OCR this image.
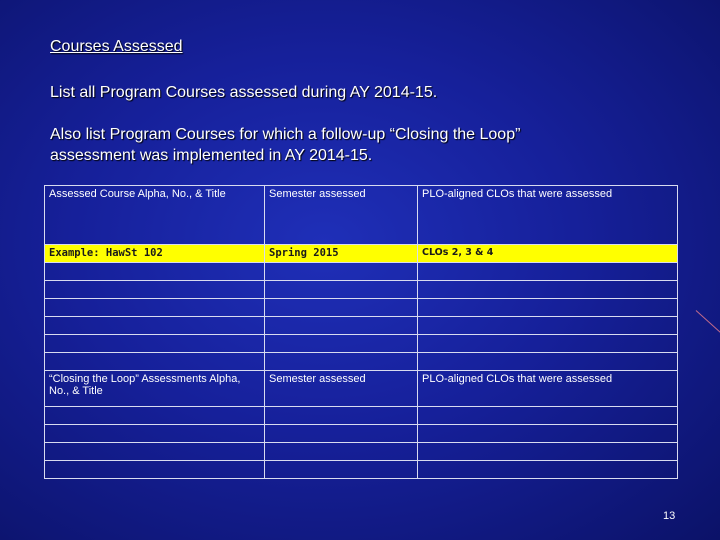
Courses Assessed
List all Program Courses assessed during AY 2014-15.
Also list Program Courses for which a follow-up “Closing the Loop” assessment was implemented in AY 2014-15.
Assessed Course Alpha, No., & Title	Semester assessed	PLO-aligned CLOs that were assessed
Example: HawSt 102	Spring 2015	CLOs 2, 3 & 4

“Closing the Loop” Assessments Alpha, No., & Title	Semester assessed	PLO-aligned CLOs that were assessed

13
